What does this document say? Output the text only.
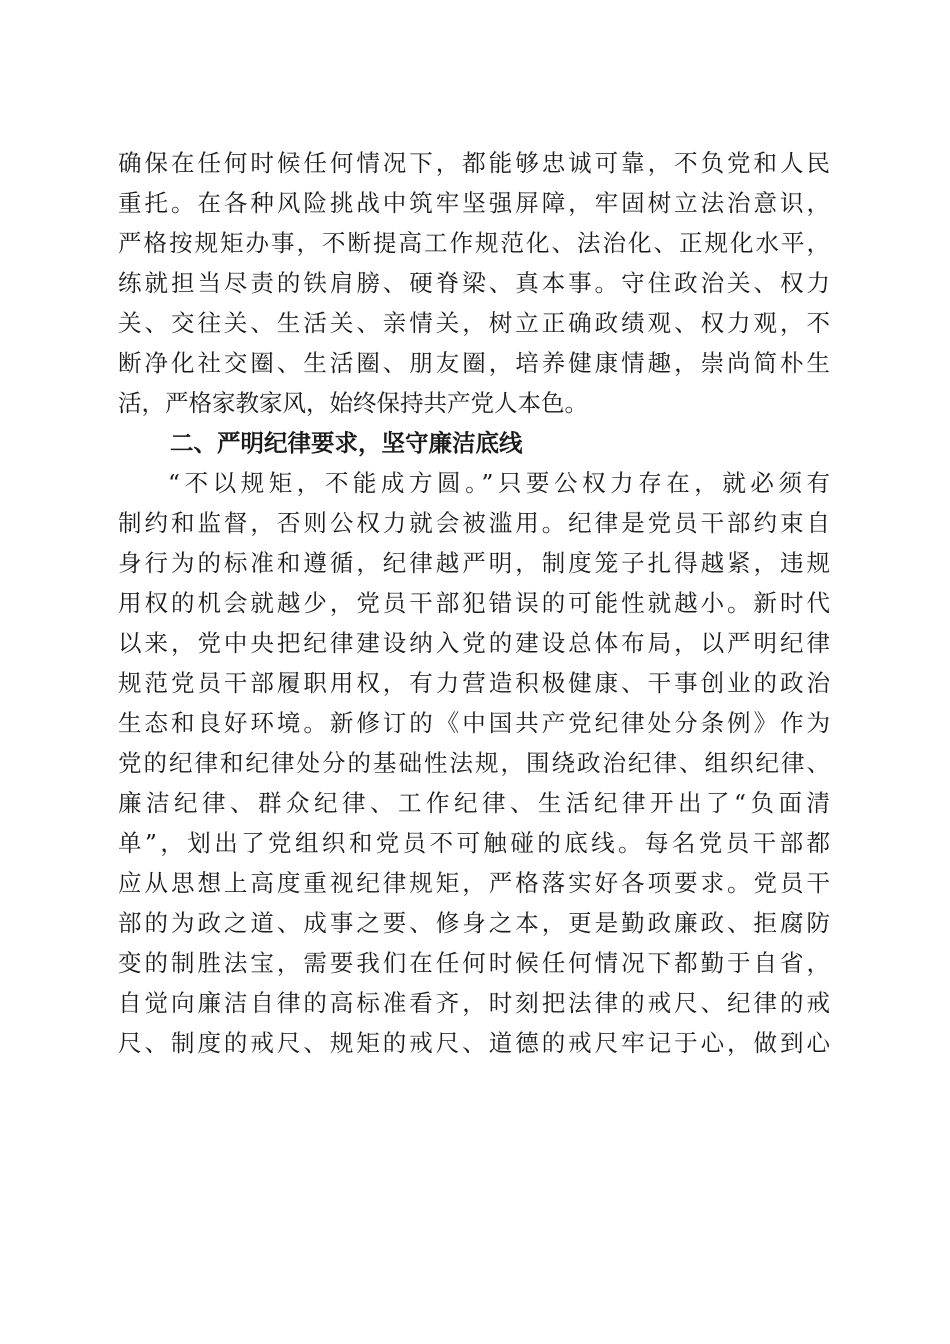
确保在任何时候任何情况下，都能够忠诚可靠，不负党和人民
重托。在各种风险挑战中筑牢坚强屏障，牢固树立法治意识，
严格按规矩办事，不断提高工作规范化、法治化、正规化水平，
练就担当尽责的铁肩膀、硬脊梁、真本事。守住政治关、权力
关、交往关、生活关、亲情关，树立正确政绩观、权力观，不
断净化社交圈、生活圈、朋友圈，培养健康情趣，崇尚简朴生
活，严格家教家风，始终保持共产党人本色。
二、严明纪律要求，坚守廉洁底线
“不以规矩，不能成方圆。”只要公权力存在，就必须有
制约和监督，否则公权力就会被滥用。纪律是党员干部约束自
身行为的标准和遵循，纪律越严明，制度笼子扎得越紧，违规
用权的机会就越少，党员干部犯错误的可能性就越小。新时代
以来，党中央把纪律建设纳入党的建设总体布局，以严明纪律
规范党员干部履职用权，有力营造积极健康、干事创业的政治
生态和良好环境。新修订的《中国共产党纪律处分条例》作为
党的纪律和纪律处分的基础性法规，围绕政治纪律、组织纪律、
廉洁纪律、群众纪律、工作纪律、生活纪律开出了“负面清
单”，划出了党组织和党员不可触碰的底线。每名党员干部都
应从思想上高度重视纪律规矩，严格落实好各项要求。党员干
部的为政之道、成事之要、修身之本，更是勤政廉政、拒腐防
变的制胜法宝，需要我们在任何时候任何情况下都勤于自省，
自觉向廉洁自律的高标准看齐，时刻把法律的戒尺、纪律的戒
尺、制度的戒尺、规矩的戒尺、道德的戒尺牢记于心，做到心
